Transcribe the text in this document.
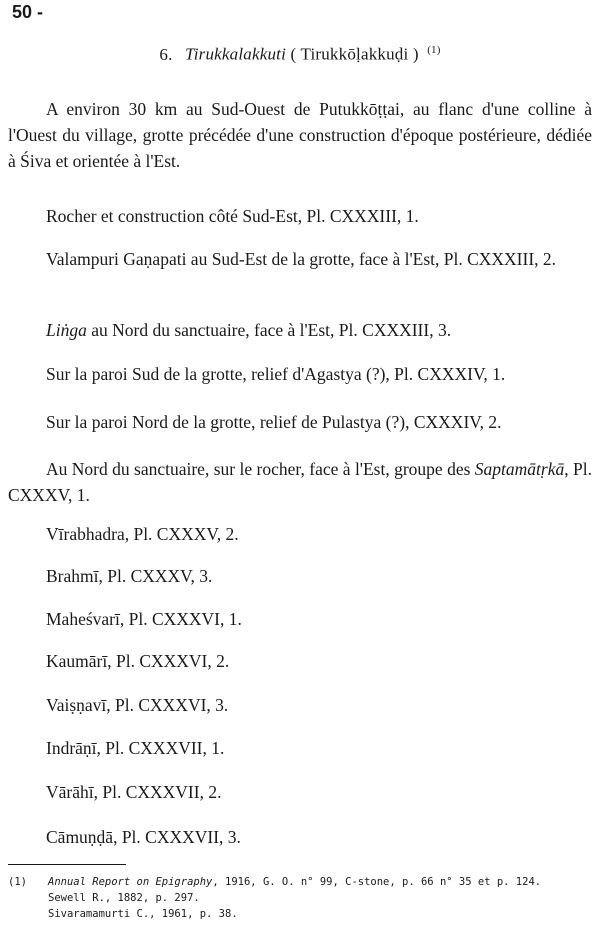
50 -
6. Tirukkalakkuti ( Tirukkōḷakkuḍi ) $^{(1)}$

A environ 30 km au Sud-Ouest de Putukkōṭṭai, au flanc d'une colline à l'Ouest du village, grotte précédée d'une construction d'époque postérieure, dédiée à Śiva et orientée à l'Est.

Rocher et construction côté Sud-Est, Pl. CXXXIII, 1.

Valampuri Gaṇapati au Sud-Est de la grotte, face à l'Est, Pl. CXXXIII, 2.

Liṅga au Nord du sanctuaire, face à l'Est, Pl. CXXXIII, 3.

Sur la paroi Sud de la grotte, relief d'Agastya (?), Pl. CXXXIV, 1.

Sur la paroi Nord de la grotte, relief de Pulastya (?), CXXXIV, 2.

Au Nord du sanctuaire, sur le rocher, face à l'Est, groupe des Saptamātṛkā, Pl. CXXXV, 1.

Vīrabhadra, Pl. CXXXV, 2.
Brahmī, Pl. CXXXV, 3.
Maheśvarī, Pl. CXXXVI, 1.
Kaumārī, Pl. CXXXVI, 2.
Vaiṣṇavī, Pl. CXXXVI, 3.
Indrāṇī, Pl. CXXXVII, 1.
Vārāhī, Pl. CXXXVII, 2.
Cāmuṇḍā, Pl. CXXXVII, 3.
(1) Annual Report on Epigraphy, 1916, G. O. n° 99, C-stone, p. 66 n° 35 et p. 124.
Sewell R., 1882, p. 297.
Sivaramamurti C., 1961, p. 38.
